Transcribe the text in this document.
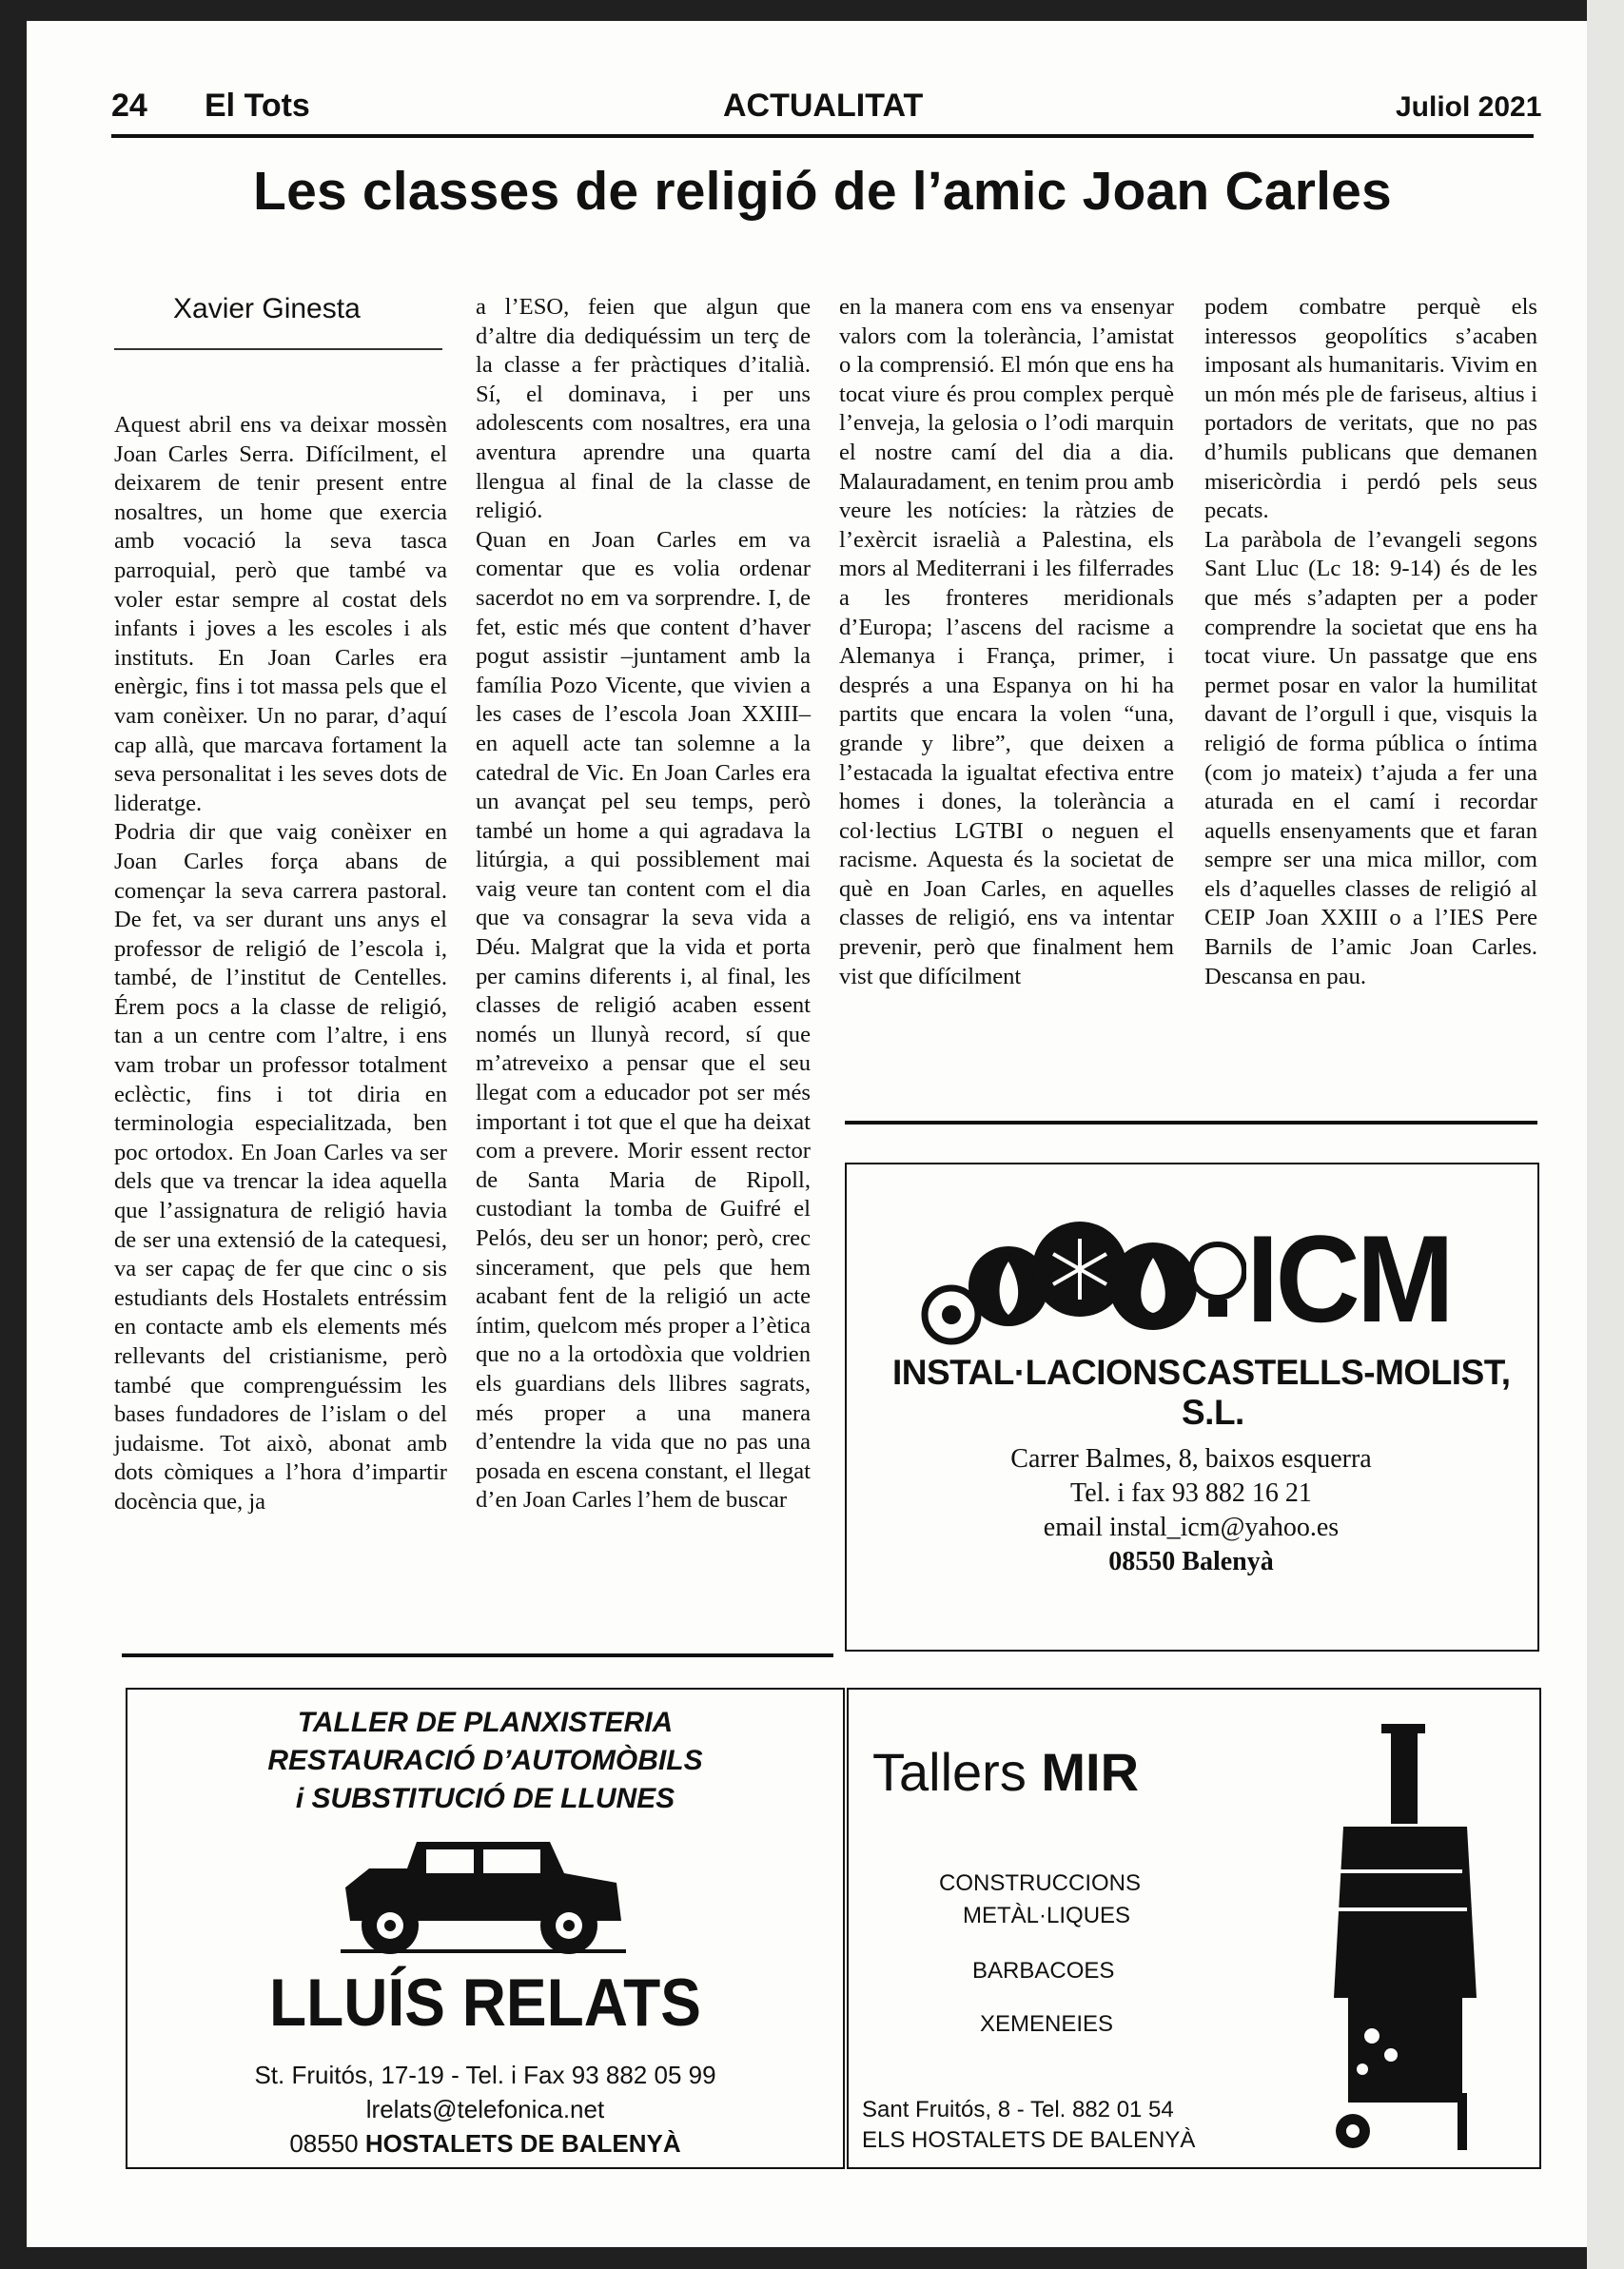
24 El Tots	ACTUALITAT	Juliol 2021
Les classes de religió de l’amic Joan Carles
Xavier Ginesta

Aquest abril ens va deixar mossèn Joan Carles Serra. Difícilment, el deixarem de tenir present entre nosaltres, un home que exercia amb vocació la seva tasca parroquial, però que també va voler estar sempre al costat dels infants i joves a les escoles i als instituts. En Joan Carles era enèrgic, fins i tot massa pels que el vam conèixer. Un no parar, d’aquí cap allà, que marcava fortament la seva personalitat i les seves dots de lideratge.

Podria dir que vaig conèixer en Joan Carles força abans de començar la seva carrera pastoral. De fet, va ser durant uns anys el professor de religió de l’escola i, també, de l’institut de Centelles. Érem pocs a la classe de religió, tan a un centre com l’altre, i ens vam trobar un professor totalment eclèctic, fins i tot diria en terminologia especialitzada, ben poc ortodox. En Joan Carles va ser dels que va trencar la idea aquella que l’assignatura de religió havia de ser una extensió de la catequesi, va ser capaç de fer que cinc o sis estudiants dels Hostalets entréssim en contacte amb els elements més rellevants del cristianisme, però també que comprenguéssim les bases fundadores de l’islam o del judaisme. Tot això, abonat amb dots còmiques a l’hora d’impartir docència que, ja

a l’ESO, feien que algun que d’altre dia dediquéssim un terç de la classe a fer pràctiques d’italià. Sí, el dominava, i per uns adolescents com nosaltres, era una aventura aprendre una quarta llengua al final de la classe de religió.

Quan en Joan Carles em va comentar que es volia ordenar sacerdot no em va sorprendre. I, de fet, estic més que content d’haver pogut assistir –juntament amb la família Pozo Vicente, que vivien a les cases de l’escola Joan XXIII– en aquell acte tan solemne a la catedral de Vic. En Joan Carles era un avançat pel seu temps, però també un home a qui agradava la litúrgia, a qui possiblement mai vaig veure tan content com el dia que va consagrar la seva vida a Déu. Malgrat que la vida et porta per camins diferents i, al final, les classes de religió acaben essent només un llunyà record, sí que m’atreveixo a pensar que el seu llegat com a educador pot ser més important i tot que el que ha deixat com a prevere. Morir essent rector de Santa Maria de Ripoll, custodiant la tomba de Guifré el Pelós, deu ser un honor; però, crec sincerament, que pels que hem acabant fent de la religió un acte íntim, quelcom més proper a l’ètica que no a la ortodòxia que voldrien els guardians dels llibres sagrats, més proper a una manera d’entendre la vida que no pas una posada en escena constant, el llegat d’en Joan Carles l’hem de buscar

en la manera com ens va ensenyar valors com la tolerància, l’amistat o la comprensió. El món que ens ha tocat viure és prou complex perquè l’enveja, la gelosia o l’odi marquin el nostre camí del dia a dia. Malauradament, en tenim prou amb veure les notícies: la ràtzies de l’exèrcit israelià a Palestina, els mors al Mediterrani i les filferrades a les fronteres meridionals d’Europa; l’ascens del racisme a Alemanya i França, primer, i després a una Espanya on hi ha partits que encara la volen “una, grande y libre”, que deixen a l’estacada la igualtat efectiva entre homes i dones, la tolerància a col·lectius LGTBI o neguen el racisme. Aquesta és la societat de què en Joan Carles, en aquelles classes de religió, ens va intentar prevenir, però que finalment hem vist que difícilment

podem combatre perquè els interessos geopolítics s’acaben imposant als humanitaris. Vivim en un món més ple de fariseus, altius i portadors de veritats, que no pas d’humils publicans que demanen misericòrdia i perdó pels seus pecats.

La paràbola de l’evangeli segons Sant Lluc (Lc 18: 9-14) és de les que més s’adapten per a poder comprendre la societat que ens ha tocat viure. Un passatge que ens permet posar en valor la humilitat davant de l’orgull i que, visquis la religió de forma pública o íntima (com jo mateix) t’ajuda a fer una aturada en el camí i recordar aquells ensenyaments que et faran sempre ser una mica millor, com els d’aquelles classes de religió al CEIP Joan XXIII o a l’IES Pere Barnils de l’amic Joan Carles. Descansa en pau.

ICM
INSTAL·LACIONS CASTELLS-MOLIST, S.L.
Carrer Balmes, 8, baixos esquerra
Tel. i fax 93 882 16 21
email instal_icm@yahoo.es
08550 Balenyà
TALLER DE PLANXISTERIA
RESTAURACIÓ D’AUTOMÒBILS
i SUBSTITUCIÓ DE LLUNES
LLUÍS RELATS
St. Fruitós, 17-19 - Tel. i Fax 93 882 05 99
lrelats@telefonica.net
08550 HOSTALETS DE BALENYÀ
Tallers MIR
CONSTRUCCIONS
METÀL·LIQUES
BARBACOES
XEMENEIES
Sant Fruitós, 8 - Tel. 882 01 54
ELS HOSTALETS DE BALENYÀ
